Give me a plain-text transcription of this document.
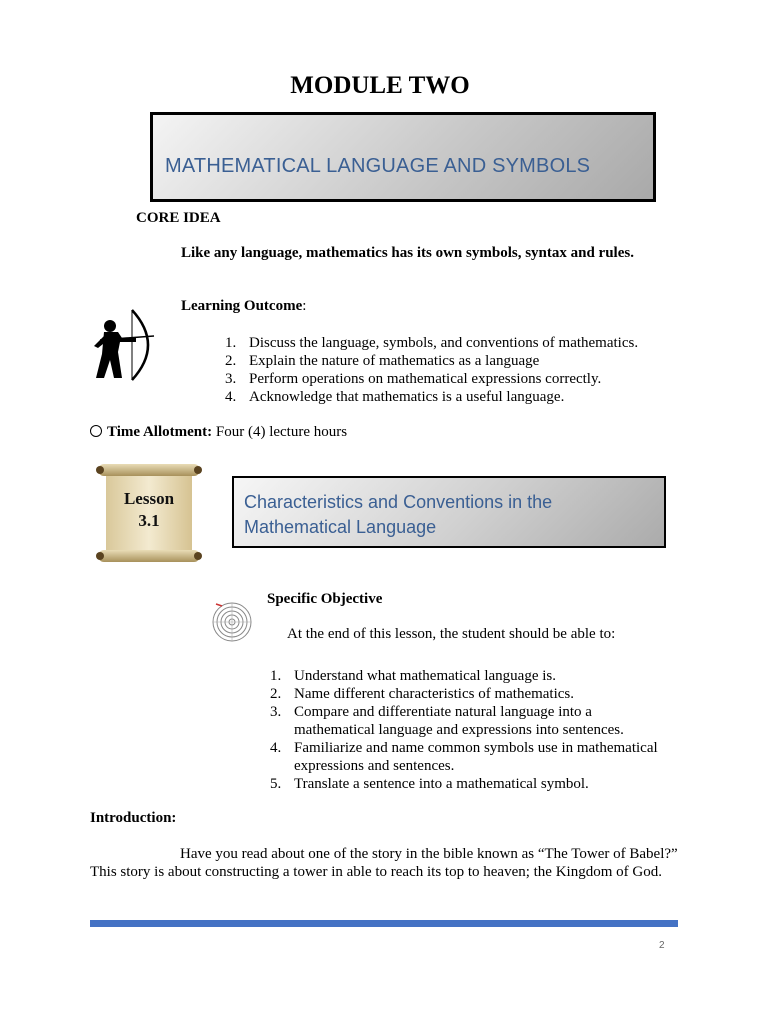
MODULE TWO
MATHEMATICAL LANGUAGE AND SYMBOLS
CORE IDEA
Like any language, mathematics has its own symbols, syntax and rules.
Learning Outcome:
1. Discuss the language, symbols, and conventions of mathematics.
2. Explain the nature of mathematics as a language
3. Perform operations on mathematical expressions correctly.
4. Acknowledge that mathematics is a useful language.
Time Allotment: Four (4) lecture hours
Lesson
3.1
Characteristics and Conventions in the Mathematical Language
Specific Objective
At the end of this lesson, the student should be able to:
1. Understand what mathematical language is.
2. Name different characteristics of mathematics.
3. Compare and differentiate natural language into a mathematical language and expressions into sentences.
4. Familiarize and name common symbols use in mathematical expressions and sentences.
5. Translate a sentence into a mathematical symbol.
Introduction:
Have you read about one of the story in the bible known as “The Tower of Babel?” This story is about constructing a tower in able to reach its top to heaven; the Kingdom of God.
2
